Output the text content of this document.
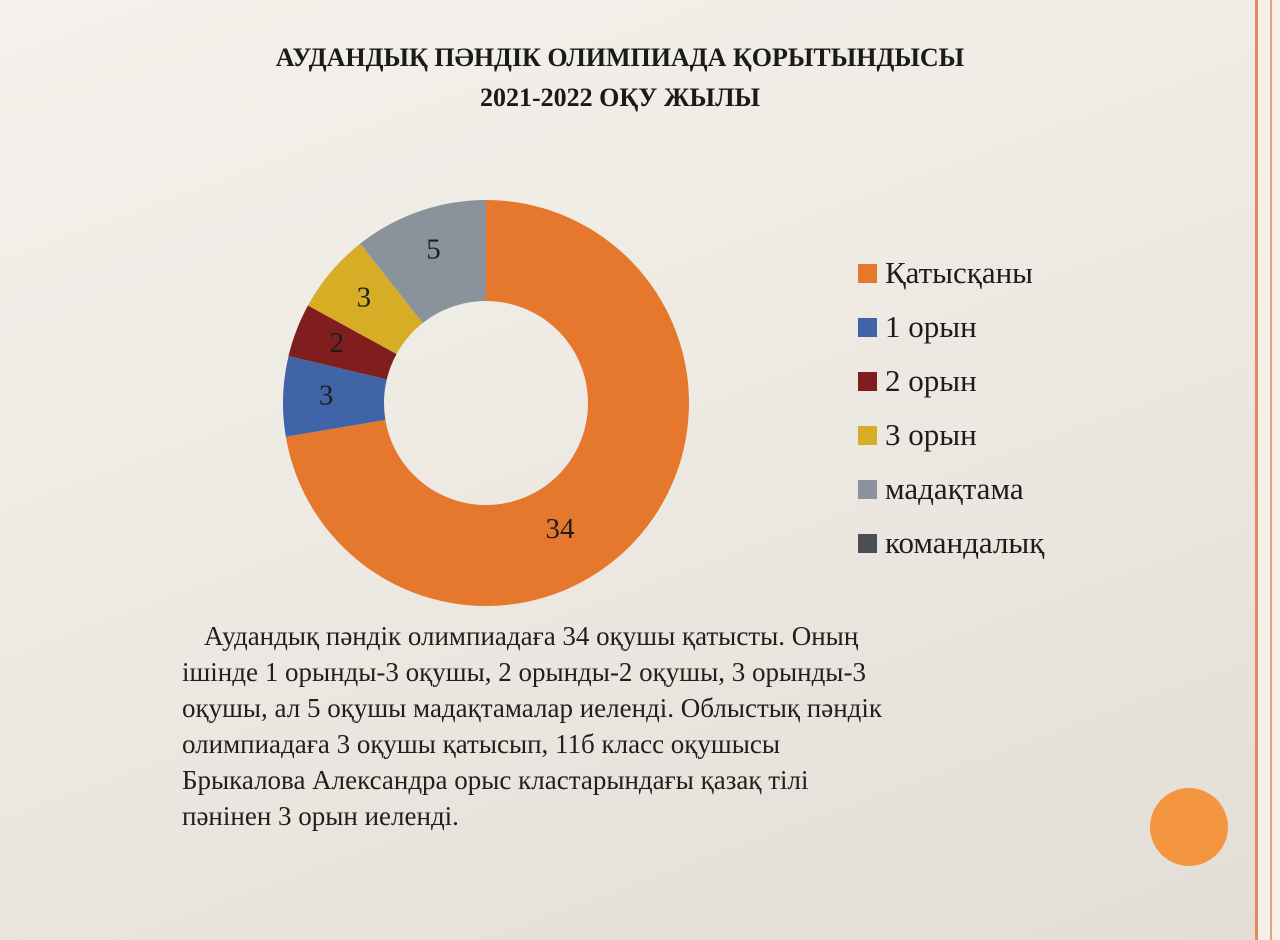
АУДАНДЫҚ ПӘНДІК ОЛИМПИАДА ҚОРЫТЫНДЫСЫ
2021-2022 ОҚУ ЖЫЛЫ
34
3
2
3
5
Қатысқаны
1 орын
2 орын
3 орын
мадақтама
командалық
Аудандық пәндік олимпиадаға 34 оқушы қатысты. Оның
ішінде 1 орынды-3 оқушы, 2 орынды-2 оқушы, 3 орынды-3
оқушы, ал 5 оқушы мадақтамалар иеленді. Облыстық пәндік
олимпиадаға 3 оқушы қатысып, 11б класс оқушысы
Брыкалова Александра орыс кластарындағы қазақ тілі
пәнінен 3 орын иеленді.
